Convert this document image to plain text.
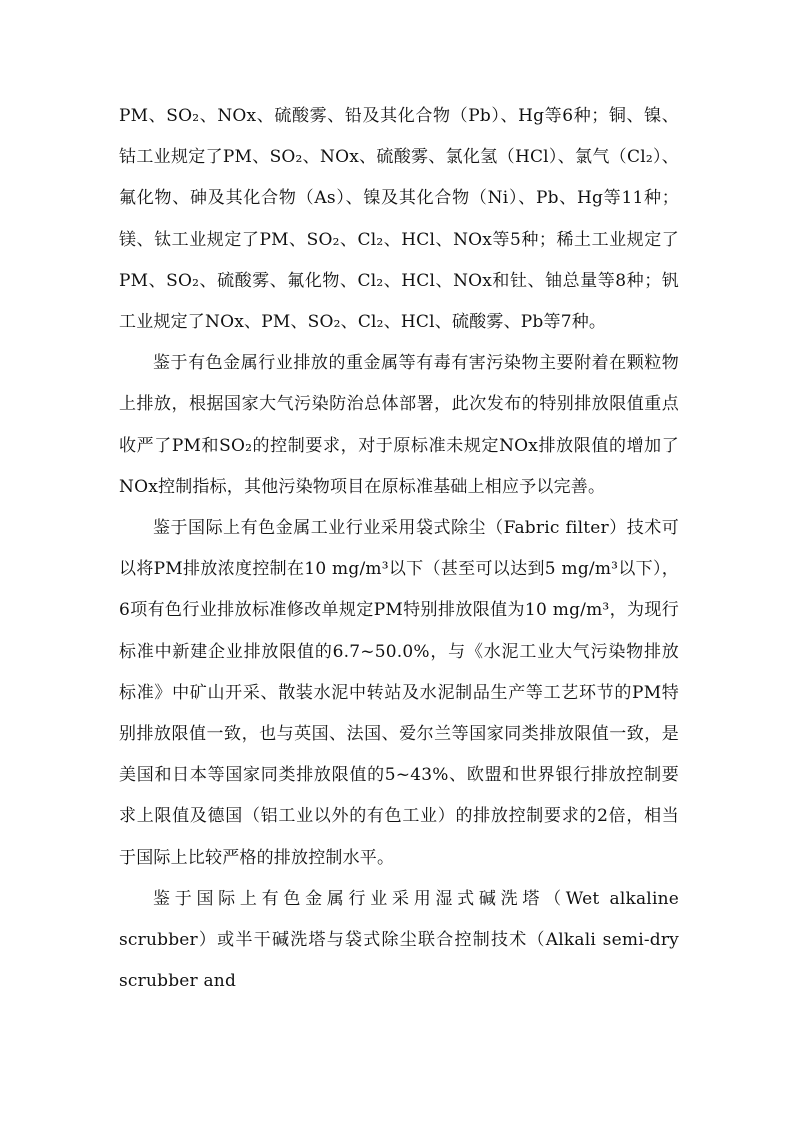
PM、SO₂、NOx、硫酸雾、铅及其化合物（Pb）、Hg等6种；铜、镍、钴工业规定了PM、SO₂、NOx、硫酸雾、氯化氢（HCl）、氯气（Cl₂）、氟化物、砷及其化合物（As）、镍及其化合物（Ni）、Pb、Hg等11种；镁、钛工业规定了PM、SO₂、Cl₂、HCl、NOx等5种；稀土工业规定了PM、SO₂、硫酸雾、氟化物、Cl₂、HCl、NOx和钍、铀总量等8种；钒工业规定了NOx、PM、SO₂、Cl₂、HCl、硫酸雾、Pb等7种。

鉴于有色金属行业排放的重金属等有毒有害污染物主要附着在颗粒物上排放，根据国家大气污染防治总体部署，此次发布的特别排放限值重点收严了PM和SO₂的控制要求，对于原标准未规定NOx排放限值的增加了NOx控制指标，其他污染物项目在原标准基础上相应予以完善。

鉴于国际上有色金属工业行业采用袋式除尘（Fabric filter）技术可以将PM排放浓度控制在10 mg/m³以下（甚至可以达到5 mg/m³以下），6项有色行业排放标准修改单规定PM特别排放限值为10 mg/m³，为现行标准中新建企业排放限值的6.7~50.0%，与《水泥工业大气污染物排放标准》中矿山开采、散装水泥中转站及水泥制品生产等工艺环节的PM特别排放限值一致，也与英国、法国、爱尔兰等国家同类排放限值一致，是美国和日本等国家同类排放限值的5~43%、欧盟和世界银行排放控制要求上限值及德国（铝工业以外的有色工业）的排放控制要求的2倍，相当于国际上比较严格的排放控制水平。

鉴于国际上有色金属行业采用湿式碱洗塔（Wet alkaline scrubber）或半干碱洗塔与袋式除尘联合控制技术（Alkali semi-dry scrubber and
